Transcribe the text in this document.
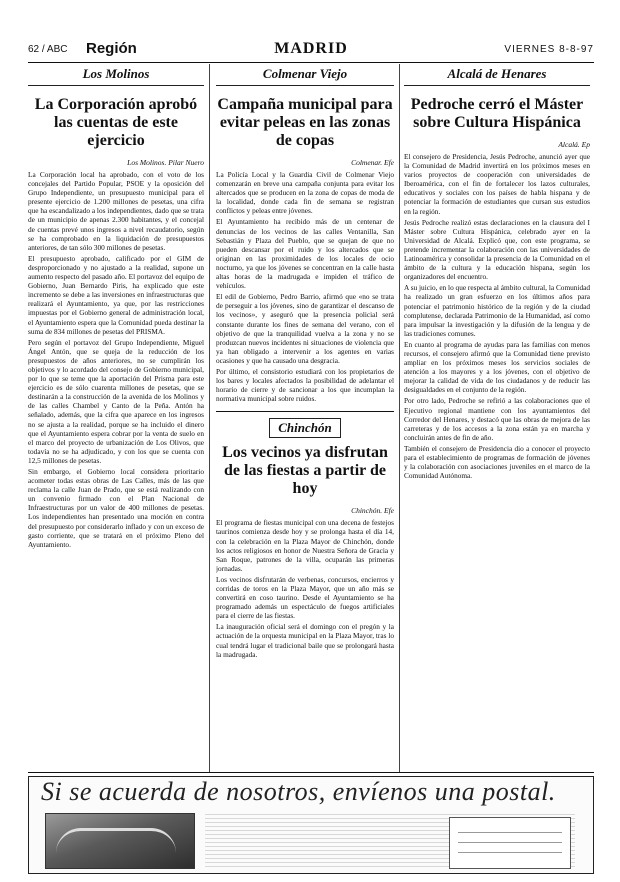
62 / ABC Región	MADRID	VIERNES 8-8-97
Los Molinos
La Corporación aprobó las cuentas de este ejercicio
Los Molinos. Pilar Nuero

La Corporación local ha aprobado, con el voto de los concejales del Partido Popular, PSOE y la oposición del Grupo Independiente, un presupuesto municipal para el presente ejercicio de 1.200 millones de pesetas, una cifra que ha escandalizado a los independientes, dado que se trata de un municipio de apenas 2.300 habitantes, y el concejal de cuentas prevé unos ingresos a nivel recaudatorio, según se ha comprobado en la liquidación de presupuestos anteriores, de tan sólo 300 millones de pesetas.

El presupuesto aprobado, calificado por el GIM de desproporcionado y no ajustado a la realidad, supone un aumento respecto del pasado año. El portavoz del equipo de Gobierno, Juan Bernardo Piris, ha explicado que este incremento se debe a las inversiones en infraestructuras que realizará el Ayuntamiento, ya que, por las restricciones impuestas por el Gobierno general de administración local, el Ayuntamiento espera que la Comunidad pueda destinar la suma de 834 millones de pesetas del PRISMA.

Pero según el portavoz del Grupo Independiente, Miguel Ángel Antón, que se queja de la reducción de los presupuestos de años anteriores, no se cumplirán los objetivos y lo acordado del consejo de Gobierno municipal, por lo que se teme que la aportación del Prisma para este ejercicio es de sólo cuarenta millones de pesetas, que se destinarán a la construcción de la avenida de los Molinos y de las calles Chambel y Canto de la Peña. Antón ha señalado, además, que la cifra que aparece en los ingresos no se ajusta a la realidad, porque se ha incluido el dinero que el Ayuntamiento espera cobrar por la venta de suelo en el marco del proyecto de urbanización de Los Olivos, que todavía no se ha adjudicado, y con los que se cuenta con 12,5 millones de pesetas.

Sin embargo, el Gobierno local considera prioritario acometer todas estas obras de Las Calles, más de las que reclama la calle Juan de Prado, que se está realizando con un convenio firmado con el Plan Nacional de Infraestructuras por un valor de 400 millones de pesetas. Los independientes han presentado una moción en contra del presupuesto por considerarlo inflado y con un exceso de gasto corriente, que se tratará en el próximo Pleno del Ayuntamiento.

Colmenar Viejo
Campaña municipal para evitar peleas en las zonas de copas
Colmenar. Efe

La Policía Local y la Guardia Civil de Colmenar Viejo comenzarán en breve una campaña conjunta para evitar los altercados que se producen en la zona de copas de moda de la localidad, donde cada fin de semana se registran conflictos y peleas entre jóvenes.

El Ayuntamiento ha recibido más de un centenar de denuncias de los vecinos de las calles Ventanilla, San Sebastián y Plaza del Pueblo, que se quejan de que no pueden descansar por el ruido y los altercados que se originan en las proximidades de los locales de ocio nocturno, ya que los jóvenes se concentran en la calle hasta altas horas de la madrugada e impiden el tráfico de vehículos.

El edil de Gobierno, Pedro Barrio, afirmó que «no se trata de perseguir a los jóvenes, sino de garantizar el descanso de los vecinos», y aseguró que la presencia policial será constante durante los fines de semana del verano, con el objetivo de que la tranquilidad vuelva a la zona y no se produzcan nuevos incidentes ni situaciones de violencia que ya han obligado a intervenir a los agentes en varias ocasiones y que ha causado una desgracia.

Por último, el consistorio estudiará con los propietarios de los bares y locales afectados la posibilidad de adelantar el horario de cierre y de sancionar a los que incumplan la normativa municipal sobre ruidos.

Chinchón
Los vecinos ya disfrutan de las fiestas a partir de hoy
Chinchón. Efe

El programa de fiestas municipal con una decena de festejos taurinos comienza desde hoy y se prolonga hasta el día 14, con la celebración en la Plaza Mayor de Chinchón, donde los actos religiosos en honor de Nuestra Señora de Gracia y San Roque, patrones de la villa, ocuparán las primeras jornadas.

Los vecinos disfrutarán de verbenas, concursos, encierros y corridas de toros en la Plaza Mayor, que un año más se convertirá en coso taurino. Desde el Ayuntamiento se ha programado además un espectáculo de fuegos artificiales para el cierre de las fiestas.

La inauguración oficial será el domingo con el pregón y la actuación de la orquesta municipal en la Plaza Mayor, tras lo cual tendrá lugar el tradicional baile que se prolongará hasta la madrugada.

Alcalá de Henares
Pedroche cerró el Máster sobre Cultura Hispánica
Alcalá. Ep

El consejero de Presidencia, Jesús Pedroche, anunció ayer que la Comunidad de Madrid invertirá en los próximos meses en varios proyectos de cooperación con universidades de Iberoamérica, con el fin de fortalecer los lazos culturales, educativos y sociales con los países de habla hispana y de potenciar la formación de estudiantes que cursan sus estudios en la región.

Jesús Pedroche realizó estas declaraciones en la clausura del I Máster sobre Cultura Hispánica, celebrado ayer en la Universidad de Alcalá. Explicó que, con este programa, se pretende incrementar la colaboración con las universidades de Latinoamérica y consolidar la presencia de la Comunidad en el ámbito de la cultura y la educación hispana, según los organizadores del encuentro.

A su juicio, en lo que respecta al ámbito cultural, la Comunidad ha realizado un gran esfuerzo en los últimos años para potenciar el patrimonio histórico de la región y de la ciudad complutense, declarada Patrimonio de la Humanidad, así como para impulsar la investigación y la difusión de la lengua y de las tradiciones comunes.

En cuanto al programa de ayudas para las familias con menos recursos, el consejero afirmó que la Comunidad tiene previsto ampliar en los próximos meses los servicios sociales de atención a los mayores y a los jóvenes, con el objetivo de mejorar la calidad de vida de los ciudadanos y de reducir las desigualdades en el conjunto de la región.

Por otro lado, Pedroche se refirió a las colaboraciones que el Ejecutivo regional mantiene con los ayuntamientos del Corredor del Henares, y destacó que las obras de mejora de las carreteras y de los accesos a la zona están ya en marcha y concluirán antes de fin de año.

También el consejero de Presidencia dio a conocer el proyecto para el establecimiento de programas de formación de jóvenes y la colaboración con asociaciones juveniles en el marco de la Comunidad Autónoma.

Si se acuerda de nosotros, envíenos una postal.
